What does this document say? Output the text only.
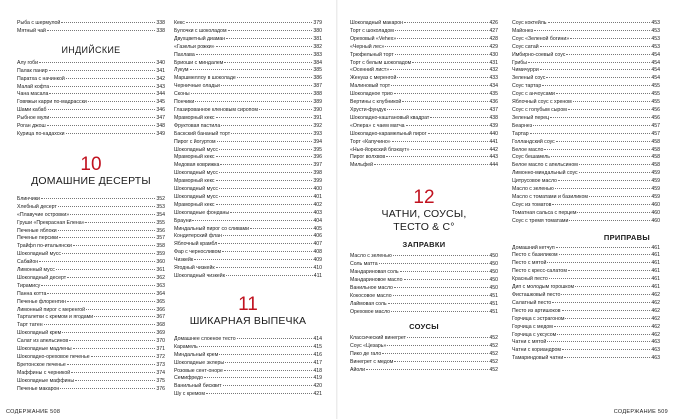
Рыба с шермулой	338
Мятный чай	338
ИНДИЙСКИЕ
Алу гоби	340
Палак панир	341
Паратха с начинкой	342
Малай кофта	343
Чана масала	344
Говяжьи карри по-мадрасски	345
Шами кабаб	346
Рыбное мули	347
Роган джош	348
Курица по-кадахски	349
10
ДОМАШНИЕ ДЕСЕРТЫ
Блинчики	352
Хлебный десерт	353
«Плавучие островки»	354
Груши «Прекрасная Елена»	355
Печеные яблоки	356
Печенье персики	357
Трайфл по-итальянски	358
Шоколадный мусс	359
Сабайон	360
Лимонный мусс	361
Шоколадный десерт	362
Тирамису	363
Панна котта	364
Печенье флорентин	365
Лимонный пирог с меренгой	366
Тарталетки с кремом и ягодами	367
Тарт татен	368
Шоколадный крем	369
Салат из апельсинов	370
Шоколадные мадлены	371
Шоколадно-ореховое печенье	372
Бретонское печенье	373
Маффины с черникой	374
Шоколадные маффины	375
Печенье макарон	376
Кекс	379
Булочки с шоколадом	380
Двухцветный диаман	381
«Газельи рожки»	382
Пахлава	383
Бриоши с миндалем	384
Лукум	385
Маршмеллоу в шоколаде	386
Черничные оладьи	387
Сконы	388
Пончики	389
Глазированное кленовым сиропом	390
Мраморный кекс	391
Фруктовая пастила	392
Баскский бананый торт	393
Пирог с йогуртом	394
Шоколадный мусс	395
Мраморный кекс	396
Медовая коврижка	397
Шоколадный мусс	398
Мраморный кекс	399
Шоколадный мусс	400
Шоколадный мусс	401
Мраморный кекс	402
Шоколадные фонданы	403
Брауни	404
Миндальный пирог со сливами	405
Кондитерский флан	406
Яблочный крамбл	407
Фар с черносливом	408
Чизкейк	409
Ягодный чизкейк	410
Шоколадный чизкейк	411
11
ШИКАРНАЯ ВЫПЕЧКА
Домашнее слоеное тесто	414
Карамель	415
Миндальный крем	416
Шоколадные эклеры	417
Розовые сент-оноре	418
Семифредо	419
Ванильный бисквит	420
Шу с кремом	421
Шоколадный макарон	426
Торт с шоколадом	427
Ореховый «Vehex»	428
«Черный лес»	429
Трюфельный торт	430
Торт с белым шоколадом	431
«Осенний лист»	432
Женуаз с меренгой	433
Малиновый торт	434
Шоколадное трио	435
Вертины с клубникой	436
Хрусти-фундук	437
Шоколадно-каштановый квадрат	438
«Опера» с чаем матча	439
Шоколадно-карамельный пирог	440
Торт «Капучино»	441
«Нью-йоркский блэкаут»	442
Пирог волхвов	443
Мильфей	444
12
ЧАТНИ, СОУСЫ,
ТЕСТО & С°
ЗАПРАВКИ
Масло с зеленью	450
Соль матта	450
Мандариновая соль	450
Мандариновое масло	450
Ванильное масло	450
Кокосовое масло	451
Лаймовая соль	451
Ореховое масло	451
СОУСЫ
Классический винегрет	452
Соус «Цезарь»	452
Пико де гало	452
Винегрет с медом	452
Айоли	452
Соус коктейль	453
Майонез	453
Соус «Зеленой богини»	453
Соус сатай	453
Имбирно-соевый соус	454
Грибы	454
Чимичурри	454
Зеленый соус	454
Соус тартар	455
Соус с анчоусами	455
Яблочный соус с хреном	455
Соус с голубым сыром	456
Зеленый перец	456
Беарнез	457
Тартар	457
Голландский соус	458
Белое масло	458
Соус бешамель	458
Белое масло с апельсином	458
Лимонно-миндальный соус	459
Цитрусовое масло	459
Масло с зеленью	459
Масло с томатами и базиликом	459
Соус из томатов	460
Томатная сальса с перцем	460
Соус с тремя томатами	460
ПРИПРАВЫ
Домашний кетчуп	461
Песто с базиликом	461
Песто с мятой	461
Песто с кресс-салатом	461
Красный песто	461
Дип с молодым горошком	461
Фисташковый песто	462
Салатный песто	462
Песто из артишоков	462
Горчица с эстрагоном	462
Горчица с медом	462
Горчица с уксусом	462
Чатни с мятой	463
Чатни с кориандром	463
Тамариндовый чатни	463
СОДЕРЖАНИЕ 508	СОДЕРЖАНИЕ 509
